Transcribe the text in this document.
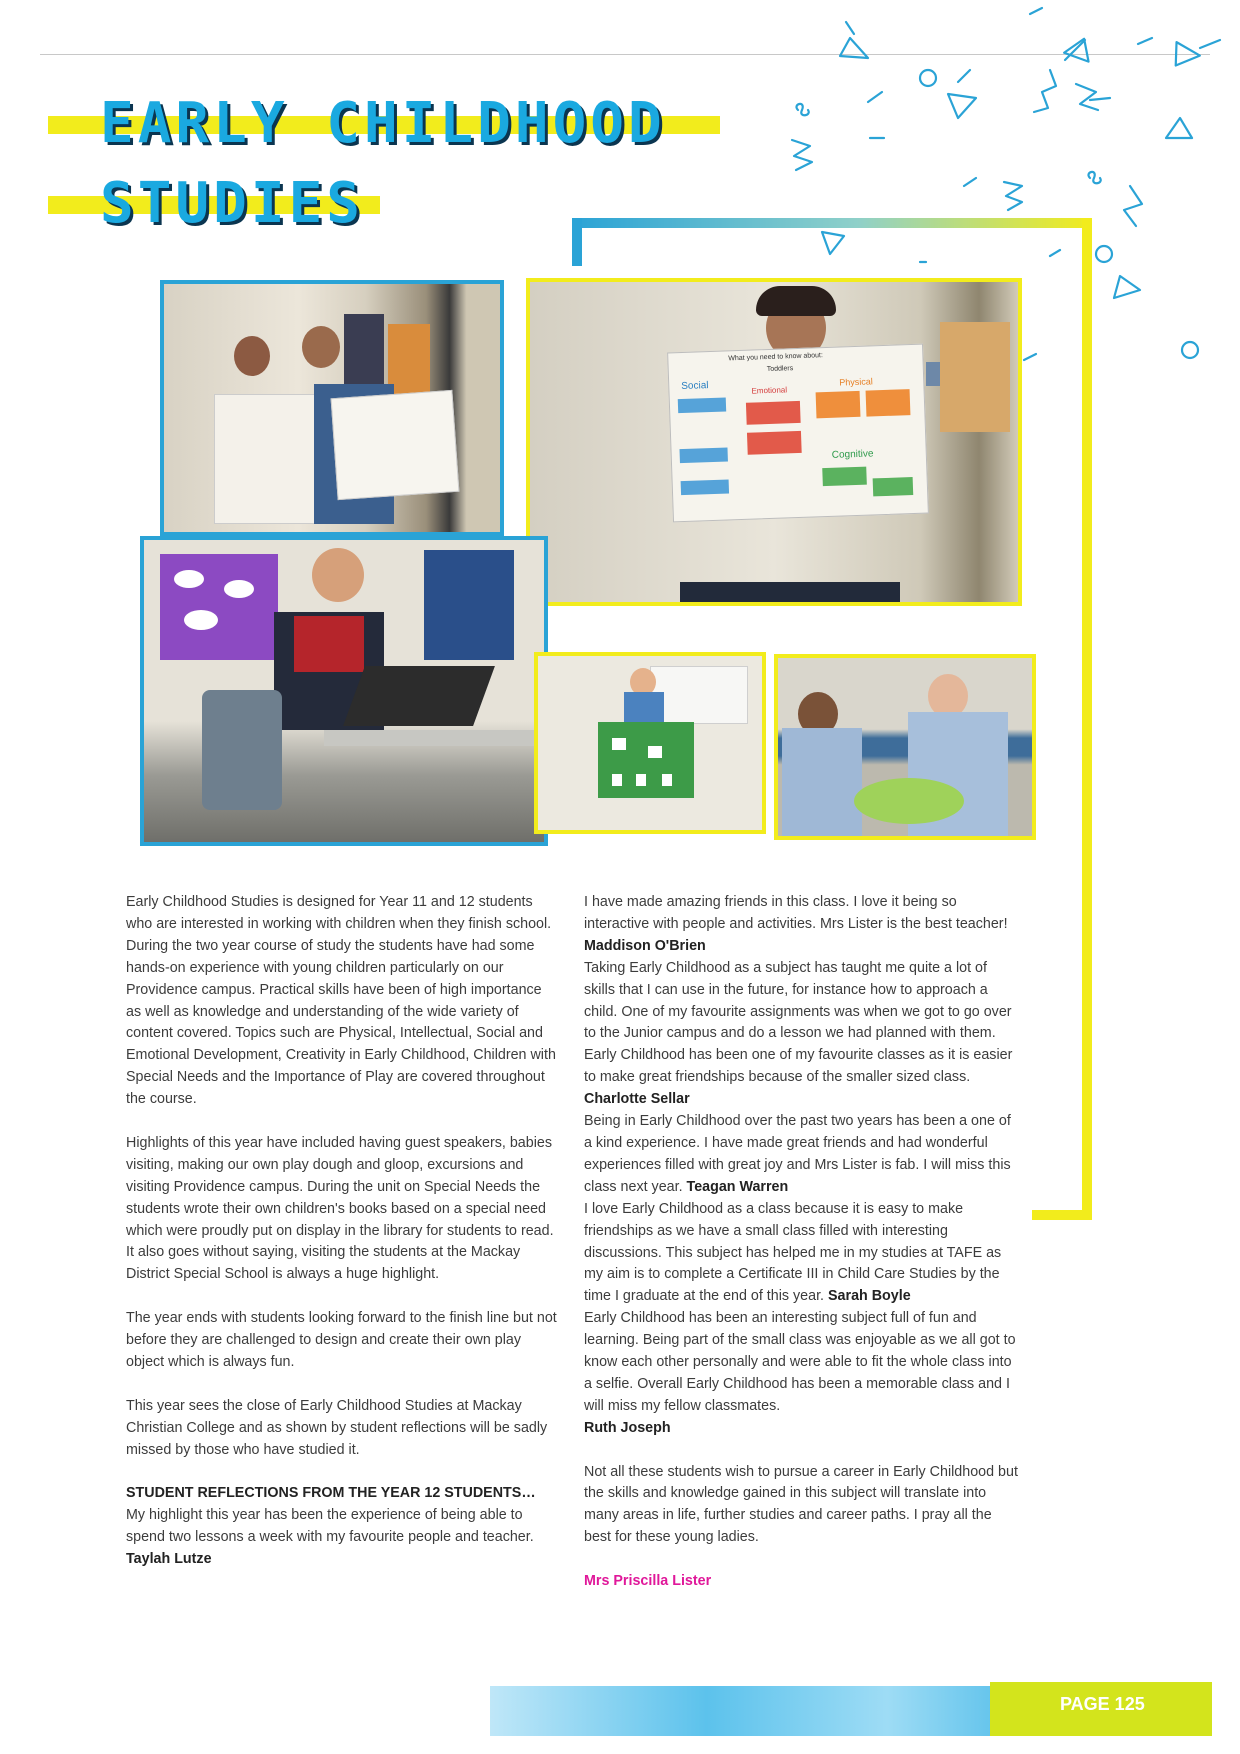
EARLY CHILDHOOD
STUDIES
What you need to know about:
Toddlers
Social	Emotional
Physical
Cognitive

Early Childhood Studies is designed for Year 11 and 12 students who are interested in working with children when they finish school. During the two year course of study the students have had some hands-on experience with young children particularly on our Providence campus. Practical skills have been of high importance as well as knowledge and understanding of the wide variety of content covered. Topics such are Physical, Intellectual, Social and Emotional Development, Creativity in Early Childhood, Children with Special Needs and the Importance of Play are covered throughout the course.

Highlights of this year have included having guest speakers, babies visiting, making our own play dough and gloop, excursions and visiting Providence campus. During the unit on Special Needs the students wrote their own children's books based on a special need which were proudly put on display in the library for students to read. It also goes without saying, visiting the students at the Mackay District Special School is always a huge highlight.

The year ends with students looking forward to the finish line but not before they are challenged to design and create their own play object which is always fun.

This year sees the close of Early Childhood Studies at Mackay Christian College and as shown by student reflections will be sadly missed by those who have studied it.

STUDENT REFLECTIONS FROM THE YEAR 12 STUDENTS…

My highlight this year has been the experience of being able to spend two lessons a week with my favourite people and teacher. Taylah Lutze

I have made amazing friends in this class. I love it being so interactive with people and activities. Mrs Lister is the best teacher! Maddison O'Brien

Taking Early Childhood as a subject has taught me quite a lot of skills that I can use in the future, for instance how to approach a child. One of my favourite assignments was when we got to go over to the Junior campus and do a lesson we had planned with them. Early Childhood has been one of my favourite classes as it is easier to make great friendships because of the smaller sized class. Charlotte Sellar

Being in Early Childhood over the past two years has been a one of a kind experience. I have made great friends and had wonderful experiences filled with great joy and Mrs Lister is fab. I will miss this class next year. Teagan Warren

I love Early Childhood as a class because it is easy to make friendships as we have a small class filled with interesting discussions. This subject has helped me in my studies at TAFE as my aim is to complete a Certificate III in Child Care Studies by the time I graduate at the end of this year. Sarah Boyle

Early Childhood has been an interesting subject full of fun and learning. Being part of the small class was enjoyable as we all got to know each other personally and were able to fit the whole class into a selfie. Overall Early Childhood has been a memorable class and I will miss my fellow classmates.

Ruth Joseph

Not all these students wish to pursue a career in Early Childhood but the skills and knowledge gained in this subject will translate into many areas in life, further studies and career paths. I pray all the best for these young ladies.

Mrs Priscilla Lister

PAGE 125
